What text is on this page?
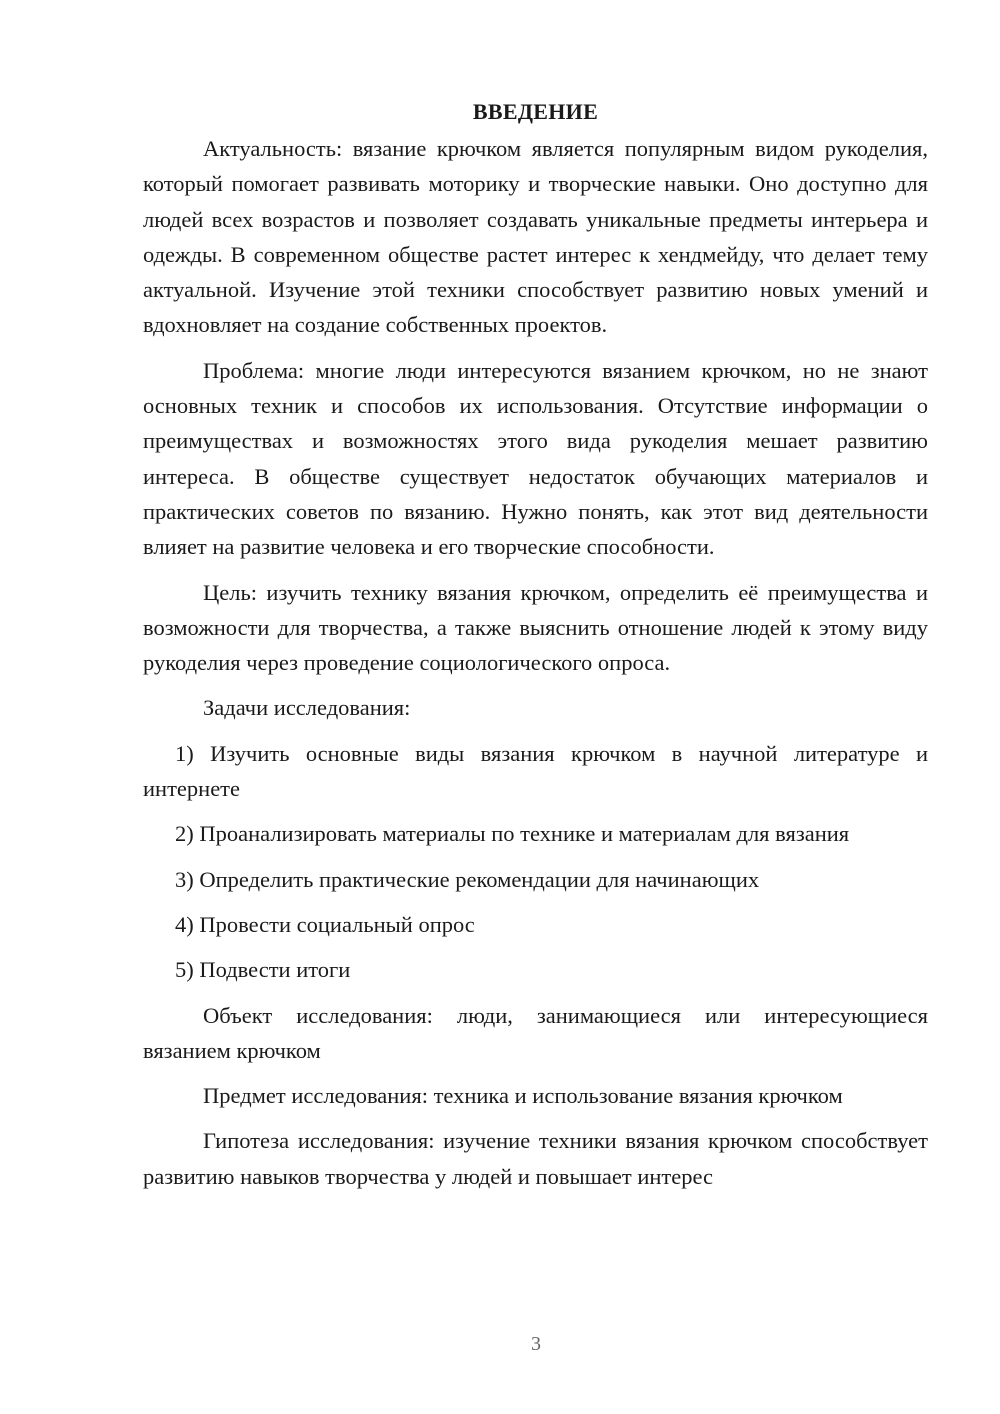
ВВЕДЕНИЕ

Актуальность: вязание крючком является популярным видом рукоделия, который помогает развивать моторику и творческие навыки. Оно доступно для людей всех возрастов и позволяет создавать уникальные предметы интерьера и одежды. В современном обществе растет интерес к хендмейду, что делает тему актуальной. Изучение этой техники способствует развитию новых умений и вдохновляет на создание собственных проектов.

Проблема: многие люди интересуются вязанием крючком, но не знают основных техник и способов их использования. Отсутствие информации о преимуществах и возможностях этого вида рукоделия мешает развитию интереса. В обществе существует недостаток обучающих материалов и практических советов по вязанию. Нужно понять, как этот вид деятельности влияет на развитие человека и его творческие способности.

Цель: изучить технику вязания крючком, определить её преимущества и возможности для творчества, а также выяснить отношение людей к этому виду рукоделия через проведение социологического опроса.

Задачи исследования:

1) Изучить основные виды вязания крючком в научной литературе и интернете

2) Проанализировать материалы по технике и материалам для вязания

3) Определить практические рекомендации для начинающих

4) Провести социальный опрос

5) Подвести итоги

Объект исследования: люди, занимающиеся или интересующиеся вязанием крючком

Предмет исследования: техника и использование вязания крючком

Гипотеза исследования: изучение техники вязания крючком способствует развитию навыков творчества у людей и повышает интерес

3
